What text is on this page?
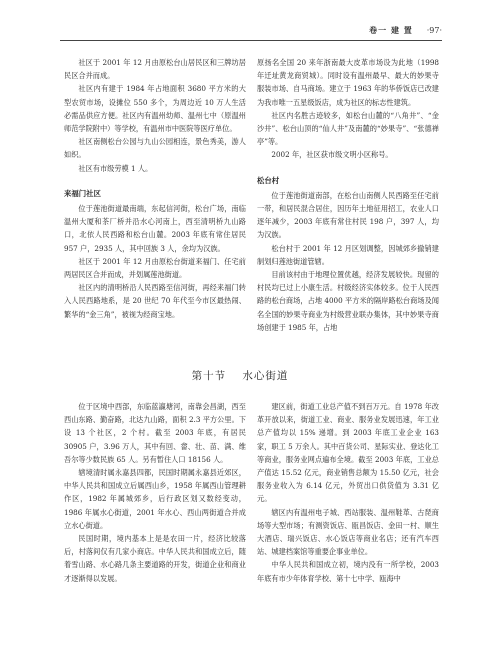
卷一 建 置 ·97·

社区于 2001 年 12 月由原松台山居民区和三牌坊居民区合并而成。

社区内有建于 1984 年占地面积 3680 平方米的大型农贸市场，设摊位 550 多个，为周边近 10 万人生活必需品供应方便。社区内有温州幼师、温州七中（原温州师范学院附中）等学校，有温州市中医院等医疗单位。

社区南侧松台公园与九山公园相连，景色秀美，游人如织。

社区有市级劳模 1 人。

来福门社区

位于莲池街道最南端，东起信河街，松台广场，南临温州大厦和茶厂桥并沿水心河南上，西至清明桥九山路口，北依人民西路和松台山麓。2003 年底有常住居民 957 户，2935 人，其中回族 3 人，余均为汉族。

社区于 2001 年 12 月由原松台街道来福门、任宅前两居民区合并而成，并划属莲池街道。

社区内的清明桥沿人民西路至信河街，再经来福门转入人民西路地系，是 20 世纪 70 年代至今市区最热闹、繁华的“金三角”，被视为经商宝地。

原扬名全国 20 来年浙南最大皮革市场设为此地（1998 年迁址黄龙商贸城）。同时设有温州最早、最大的妙果寺服装市场、自马商场。建立于 1963 年的华侨饭店已改建为我市唯一五星级饭店，成为社区的标志性建筑。

社区内名胜古迹较多，如松台山麓的“八角井”、“金沙井”、松台山顶的“仙人井”及南麓的“妙果寺”、“张德禅亭”等。

2002 年，社区获市级文明小区称号。

松台村

位于莲池街道南部，在松台山南侧人民西路至任宅前一带，和居民混合居住，因历年土地征用招工，农业人口逐年减少，2003 年底有常住村民 198 户，397 人，均为汉族。

松台村于 2001 年 12 月区划调整，因城郊乡撤销建制划归莲池街道管辖。

目前该村由于地理位置优越，经济发展较快。现留的村民均已过上小康生活。村级经济实体较多。位于人民西路的松台商场，占地 4000 平方米的隔岸路松台商场及闻名全国的妙果寺商业为村级营业联办集体，其中妙果寺商场创建于 1985 年，占地

第十节 水心街道

位于区境中西部，东临蓝瀛塘河，南靠会昌湖，西至西山东路、勤奋路，北达九山路，面积 2.3 平方公里。下设 13 个社区，2 个村。截至 2003 年底，有居民 30905 户，3.96 万人，其中有回、畲、壮、苗、满、维吾尔等少数民族 65 人。另有暂住人口 18156 人。

辖境清时属永嘉县四都，民国时期属永嘉县近郊区，中华人民共和国成立后属西山乡，1958 年属西山管理耕作区，1982 年属城郊乡，后行政区划又数经变动，1986 年属水心街道，2001 年水心、西山两街道合并成立水心街道。

民国时期，境内基本上是是农田一片，经济比较落后，村落间仅有几家小商店。中华人民共和国成立后，随着雪山路、水心路几条主要道路的开发，街道企业和商业才逐渐得以发展。

建区前，街道工业总产值不到百万元。自 1978 年改革开放以来，街道工业、商业、服务业发展迅速，年工业总产值均以 15% 递增。到 2003 年底工业企业 163 家，职工 5 万余人。其中百货公司、星际实业、登达化工等商业，服务业网点遍布全境。截至 2003 年底，工业总产值达 15.52 亿元，商业销售总额为 15.50 亿元，社会服务业收入为 6.14 亿元，外贸出口供货值为 3.31 亿元。

辖区内有温州电子城、西站服装、温州鞋革、古琵商场等大型市场；有测资饭店、瓯昌饭店、金田一村、顺生大酒店、瑞兴饭店、水心饭店等商业名店；还有汽车西站、城建档案馆等重要企事业单位。

中华人民共和国成立初，境内没有一所学校，2003 年底有市少年体育学校、第十七中学、瓯海中
